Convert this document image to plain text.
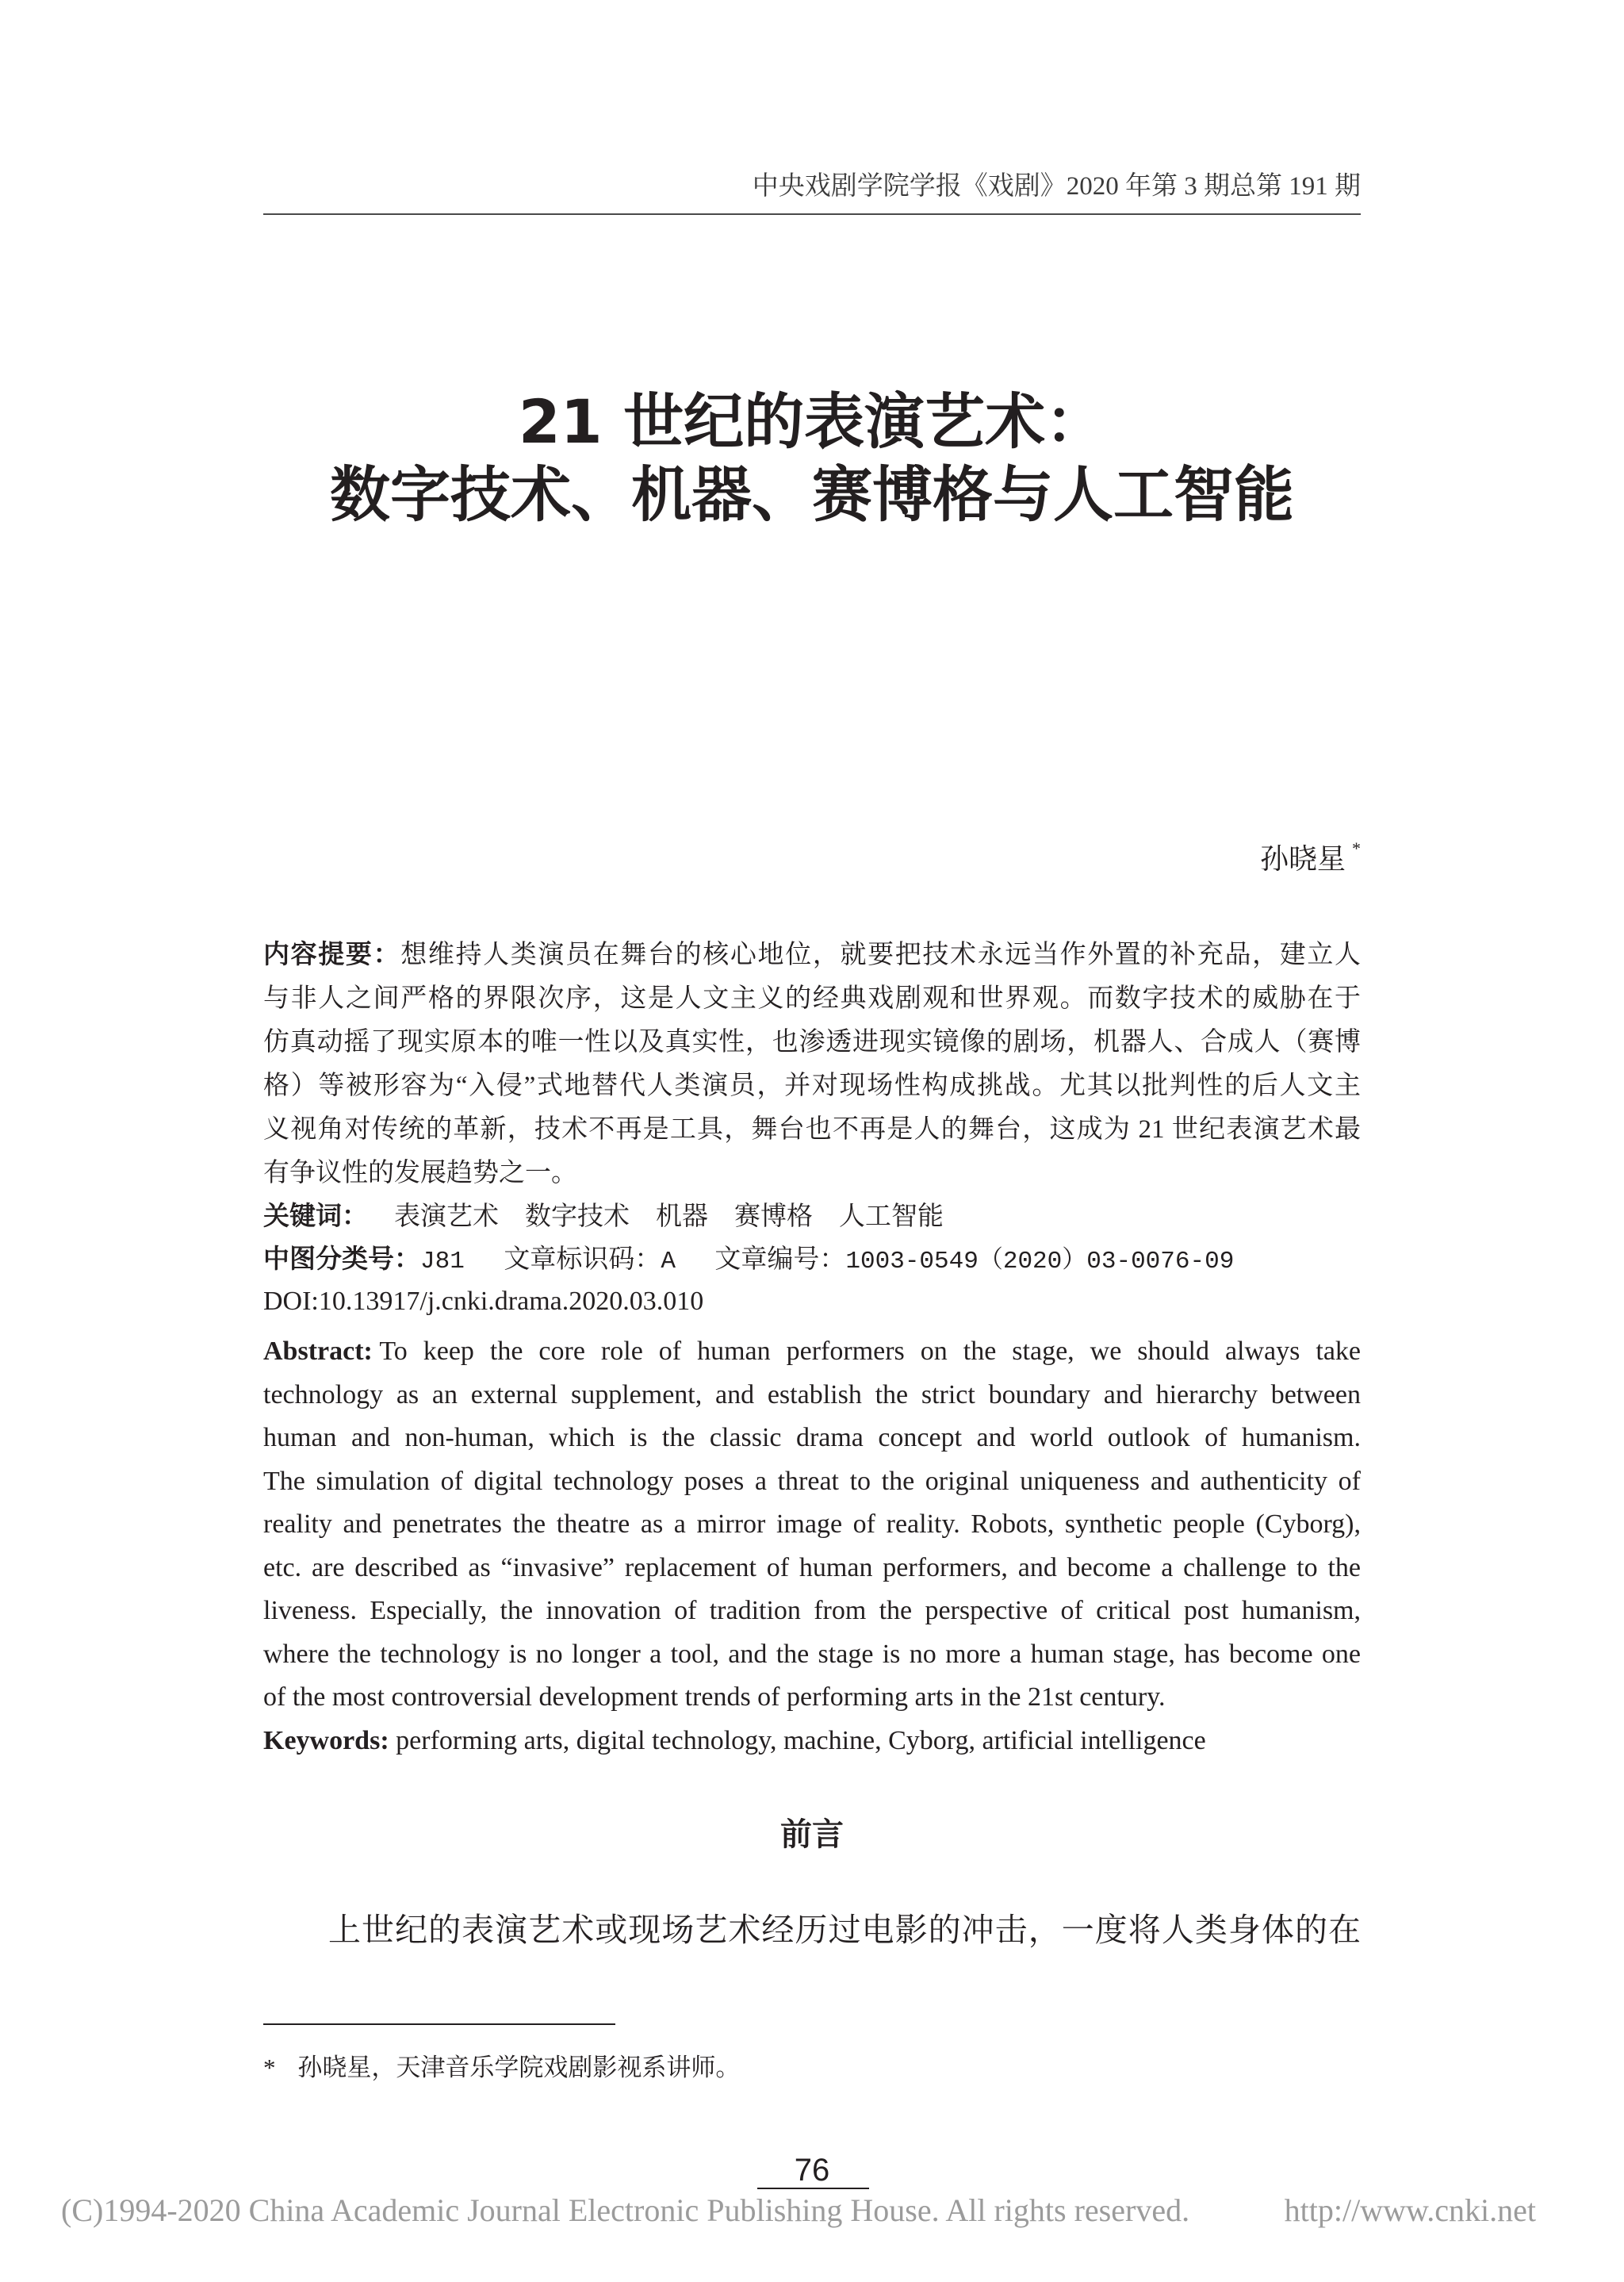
中央戏剧学院学报《戏剧》2020 年第 3 期总第 191 期
21 世纪的表演艺术：
数字技术、机器、赛博格与人工智能
孙晓星 *
内容提要：想维持人类演员在舞台的核心地位，就要把技术永远当作外置的补充品，建立人
与非人之间严格的界限次序，这是人文主义的经典戏剧观和世界观。而数字技术的威胁在于
仿真动摇了现实原本的唯一性以及真实性，也渗透进现实镜像的剧场，机器人、合成人（赛博
格）等被形容为“入侵”式地替代人类演员，并对现场性构成挑战。尤其以批判性的后人文主
义视角对传统的革新，技术不再是工具，舞台也不再是人的舞台，这成为 21 世纪表演艺术最
有争议性的发展趋势之一。
关键词： 表演艺术 数字技术 机器 赛博格 人工智能
中图分类号： J81 文章标识码： A 文章编号： 1003-0549（2020）03-0076-09
DOI:10.13917/j.cnki.drama.2020.03.010
Abstract: To keep the core role of human performers on the stage, we should always take
technology as an external supplement, and establish the strict boundary and hierarchy between
human and non-human, which is the classic drama concept and world outlook of humanism.
The simulation of digital technology poses a threat to the original uniqueness and authenticity of
reality and penetrates the theatre as a mirror image of reality. Robots, synthetic people (Cyborg),
etc. are described as “invasive” replacement of human performers, and become a challenge to the
liveness. Especially, the innovation of tradition from the perspective of critical post humanism,
where the technology is no longer a tool, and the stage is no more a human stage, has become one
of the most controversial development trends of performing arts in the 21st century.
Keywords: performing arts, digital technology, machine, Cyborg, artificial intelligence
前言
上世纪的表演艺术或现场艺术经历过电影的冲击，一度将人类身体的在
* 孙晓星，天津音乐学院戏剧影视系讲师。
76
(C)1994-2020 China Academic Journal Electronic Publishing House. All rights reserved.	http://www.cnki.net
